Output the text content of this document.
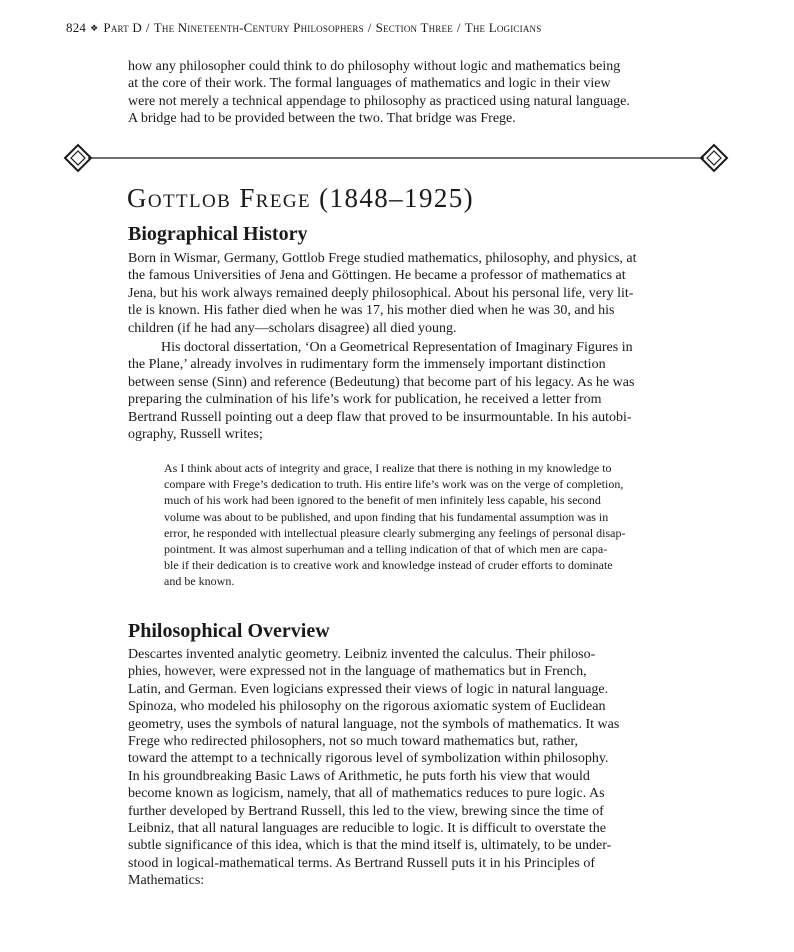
824 ❖ Part D / The Nineteenth-Century Philosophers / Section Three / The Logicians

how any philosopher could think to do philosophy without logic and mathematics being
at the core of their work. The formal languages of mathematics and logic in their view
were not merely a technical appendage to philosophy as practiced using natural language.
A bridge had to be provided between the two. That bridge was Frege.

Gottlob Frege (1848–1925)
Biographical History

Born in Wismar, Germany, Gottlob Frege studied mathematics, philosophy, and physics, at
the famous Universities of Jena and Göttingen. He became a professor of mathematics at
Jena, but his work always remained deeply philosophical. About his personal life, very lit-
tle is known. His father died when he was 17, his mother died when he was 30, and his
children (if he had any—scholars disagree) all died young.

His doctoral dissertation, ‘On a Geometrical Representation of Imaginary Figures in
the Plane,’ already involves in rudimentary form the immensely important distinction
between sense (Sinn) and reference (Bedeutung) that become part of his legacy. As he was
preparing the culmination of his life’s work for publication, he received a letter from
Bertrand Russell pointing out a deep flaw that proved to be insurmountable. In his autobi-
ography, Russell writes;

As I think about acts of integrity and grace, I realize that there is nothing in my knowledge to
compare with Frege’s dedication to truth. His entire life’s work was on the verge of completion,
much of his work had been ignored to the benefit of men infinitely less capable, his second
volume was about to be published, and upon finding that his fundamental assumption was in
error, he responded with intellectual pleasure clearly submerging any feelings of personal disap-
pointment. It was almost superhuman and a telling indication of that of which men are capa-
ble if their dedication is to creative work and knowledge instead of cruder efforts to dominate
and be known.
Philosophical Overview

Descartes invented analytic geometry. Leibniz invented the calculus. Their philoso-
phies, however, were expressed not in the language of mathematics but in French,
Latin, and German. Even logicians expressed their views of logic in natural language.
Spinoza, who modeled his philosophy on the rigorous axiomatic system of Euclidean
geometry, uses the symbols of natural language, not the symbols of mathematics. It was
Frege who redirected philosophers, not so much toward mathematics but, rather,
toward the attempt to a technically rigorous level of symbolization within philosophy.
In his groundbreaking Basic Laws of Arithmetic, he puts forth his view that would
become known as logicism, namely, that all of mathematics reduces to pure logic. As
further developed by Bertrand Russell, this led to the view, brewing since the time of
Leibniz, that all natural languages are reducible to logic. It is difficult to overstate the
subtle significance of this idea, which is that the mind itself is, ultimately, to be under-
stood in logical-mathematical terms. As Bertrand Russell puts it in his Principles of
Mathematics:
